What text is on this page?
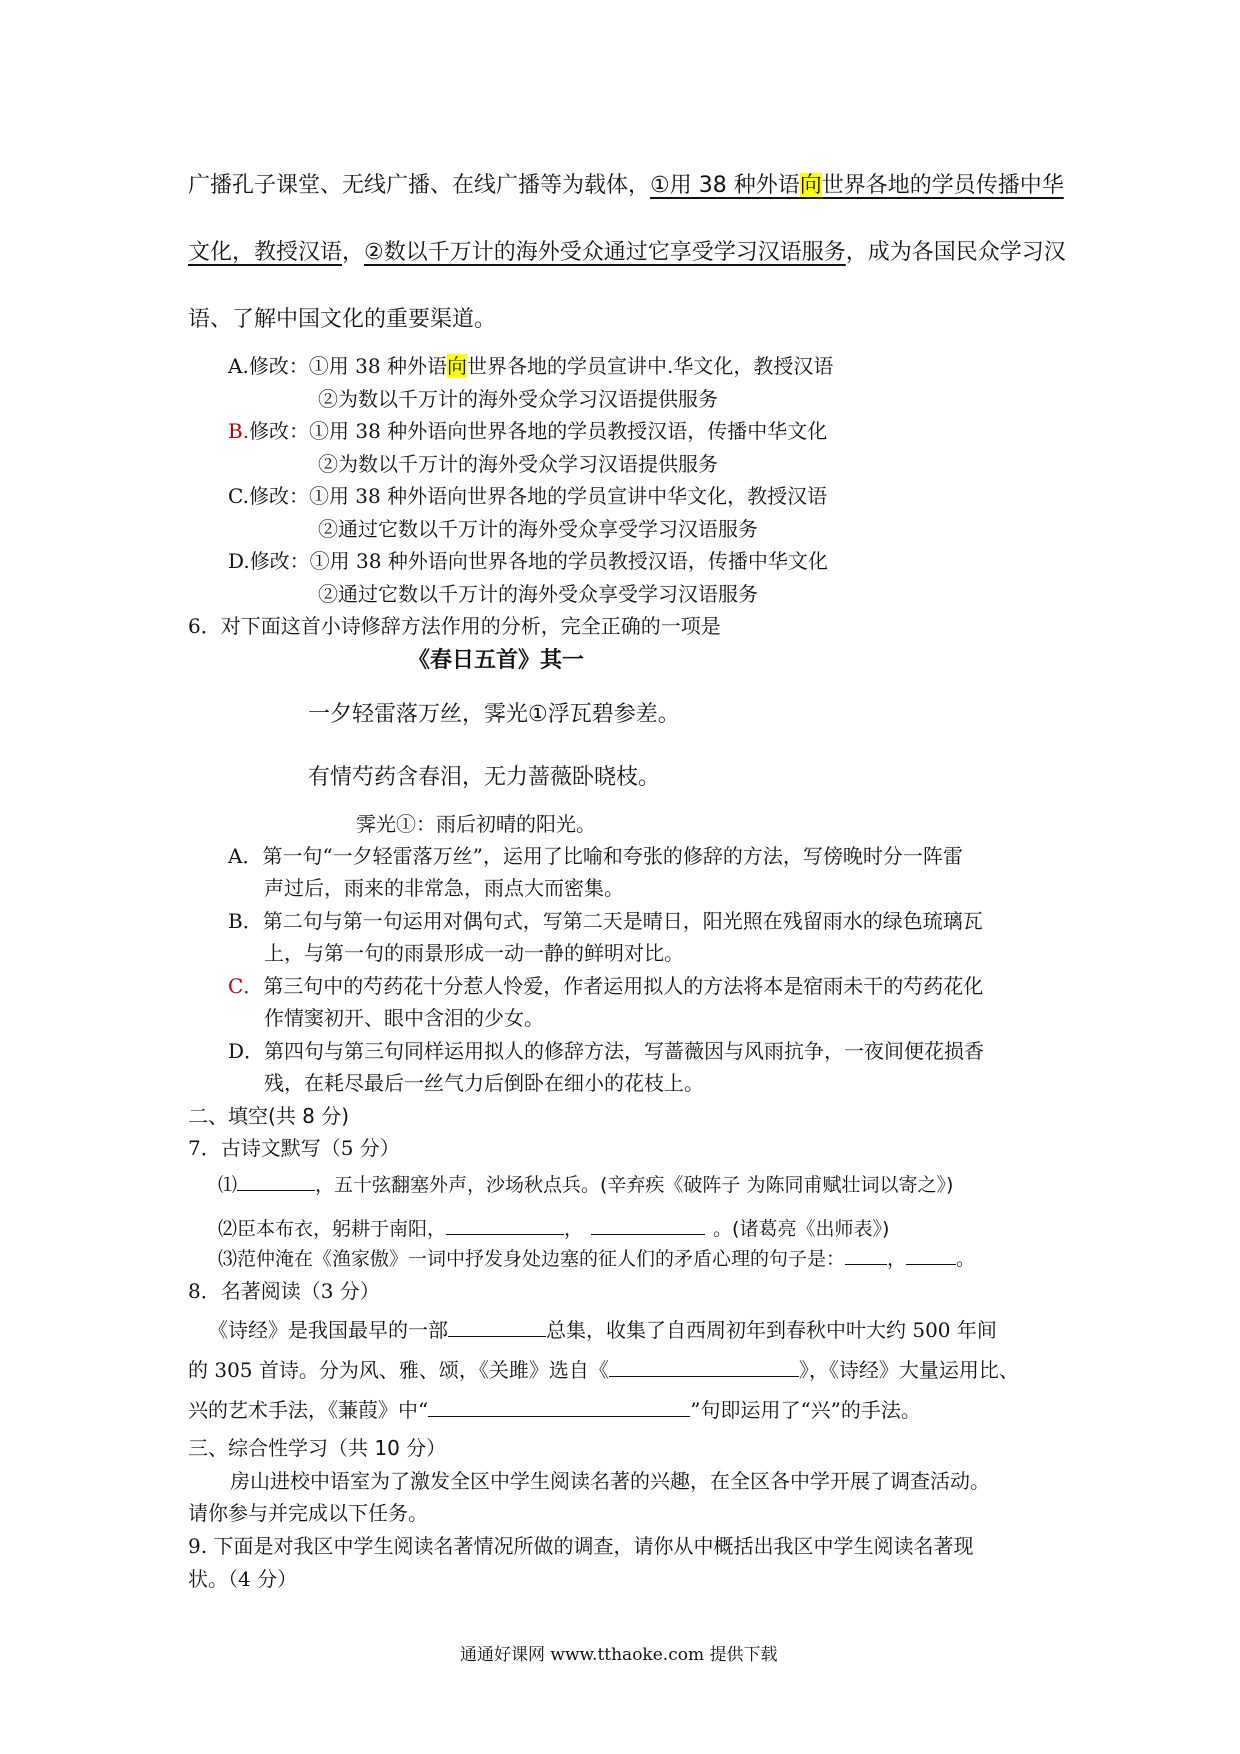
广播孔子课堂、无线广播、在线广播等为载体，①用 38 种外语向世界各地的学员传播中华
文化，教授汉语，②数以千万计的海外受众通过它享受学习汉语服务，成为各国民众学习汉
语、了解中国文化的重要渠道。
A.修改：①用 38 种外语向世界各地的学员宣讲中.华文化，教授汉语
②为数以千万计的海外受众学习汉语提供服务
B.修改：①用 38 种外语向世界各地的学员教授汉语，传播中华文化
②为数以千万计的海外受众学习汉语提供服务
C.修改：①用 38 种外语向世界各地的学员宣讲中华文化，教授汉语
②通过它数以千万计的海外受众享受学习汉语服务
D.修改：①用 38 种外语向世界各地的学员教授汉语，传播中华文化
②通过它数以千万计的海外受众享受学习汉语服务
6．对下面这首小诗修辞方法作用的分析，完全正确的一项是
《春日五首》其一
一夕轻雷落万丝，霁光①浮瓦碧参差。
有情芍药含春泪，无力蔷薇卧晓枝。
霁光①：雨后初晴的阳光。
A．第一句“一夕轻雷落万丝”，运用了比喻和夸张的修辞的方法，写傍晚时分一阵雷
声过后，雨来的非常急，雨点大而密集。
B．第二句与第一句运用对偶句式，写第二天是晴日，阳光照在残留雨水的绿色琉璃瓦
上，与第一句的雨景形成一动一静的鲜明对比。
C．第三句中的芍药花十分惹人怜爱，作者运用拟人的方法将本是宿雨未干的芍药花化
作情窦初开、眼中含泪的少女。
D．第四句与第三句同样运用拟人的修辞方法，写蔷薇因与风雨抗争，一夜间便花损香
残，在耗尽最后一丝气力后倒卧在细小的花枝上。
二、填空(共 8 分)
7．古诗文默写（5 分）
⑴	，五十弦翻塞外声，沙场秋点兵。(辛弃疾《破阵子 为陈同甫赋壮词以寄之》)
⑵臣本布衣，躬耕于南阳，	，	。(诸葛亮《出师表》)
⑶范仲淹在《渔家傲》一词中抒发身处边塞的征人们的矛盾心理的句子是： ，	。
8．名著阅读（3 分）
《诗经》是我国最早的一部	总集，收集了自西周初年到春秋中叶大约 500 年间
的 305 首诗。分为风、雅、颂，《关雎》选自《	》，《诗经》大量运用比、
兴的艺术手法，《蒹葭》中“	”句即运用了“兴”的手法。
三、综合性学习（共 10 分）
房山进校中语室为了激发全区中学生阅读名著的兴趣，在全区各中学开展了调查活动。
请你参与并完成以下任务。
9. 下面是对我区中学生阅读名著情况所做的调查，请你从中概括出我区中学生阅读名著现
状。（4 分）
通通好课网 www.tthaoke.com 提供下载
